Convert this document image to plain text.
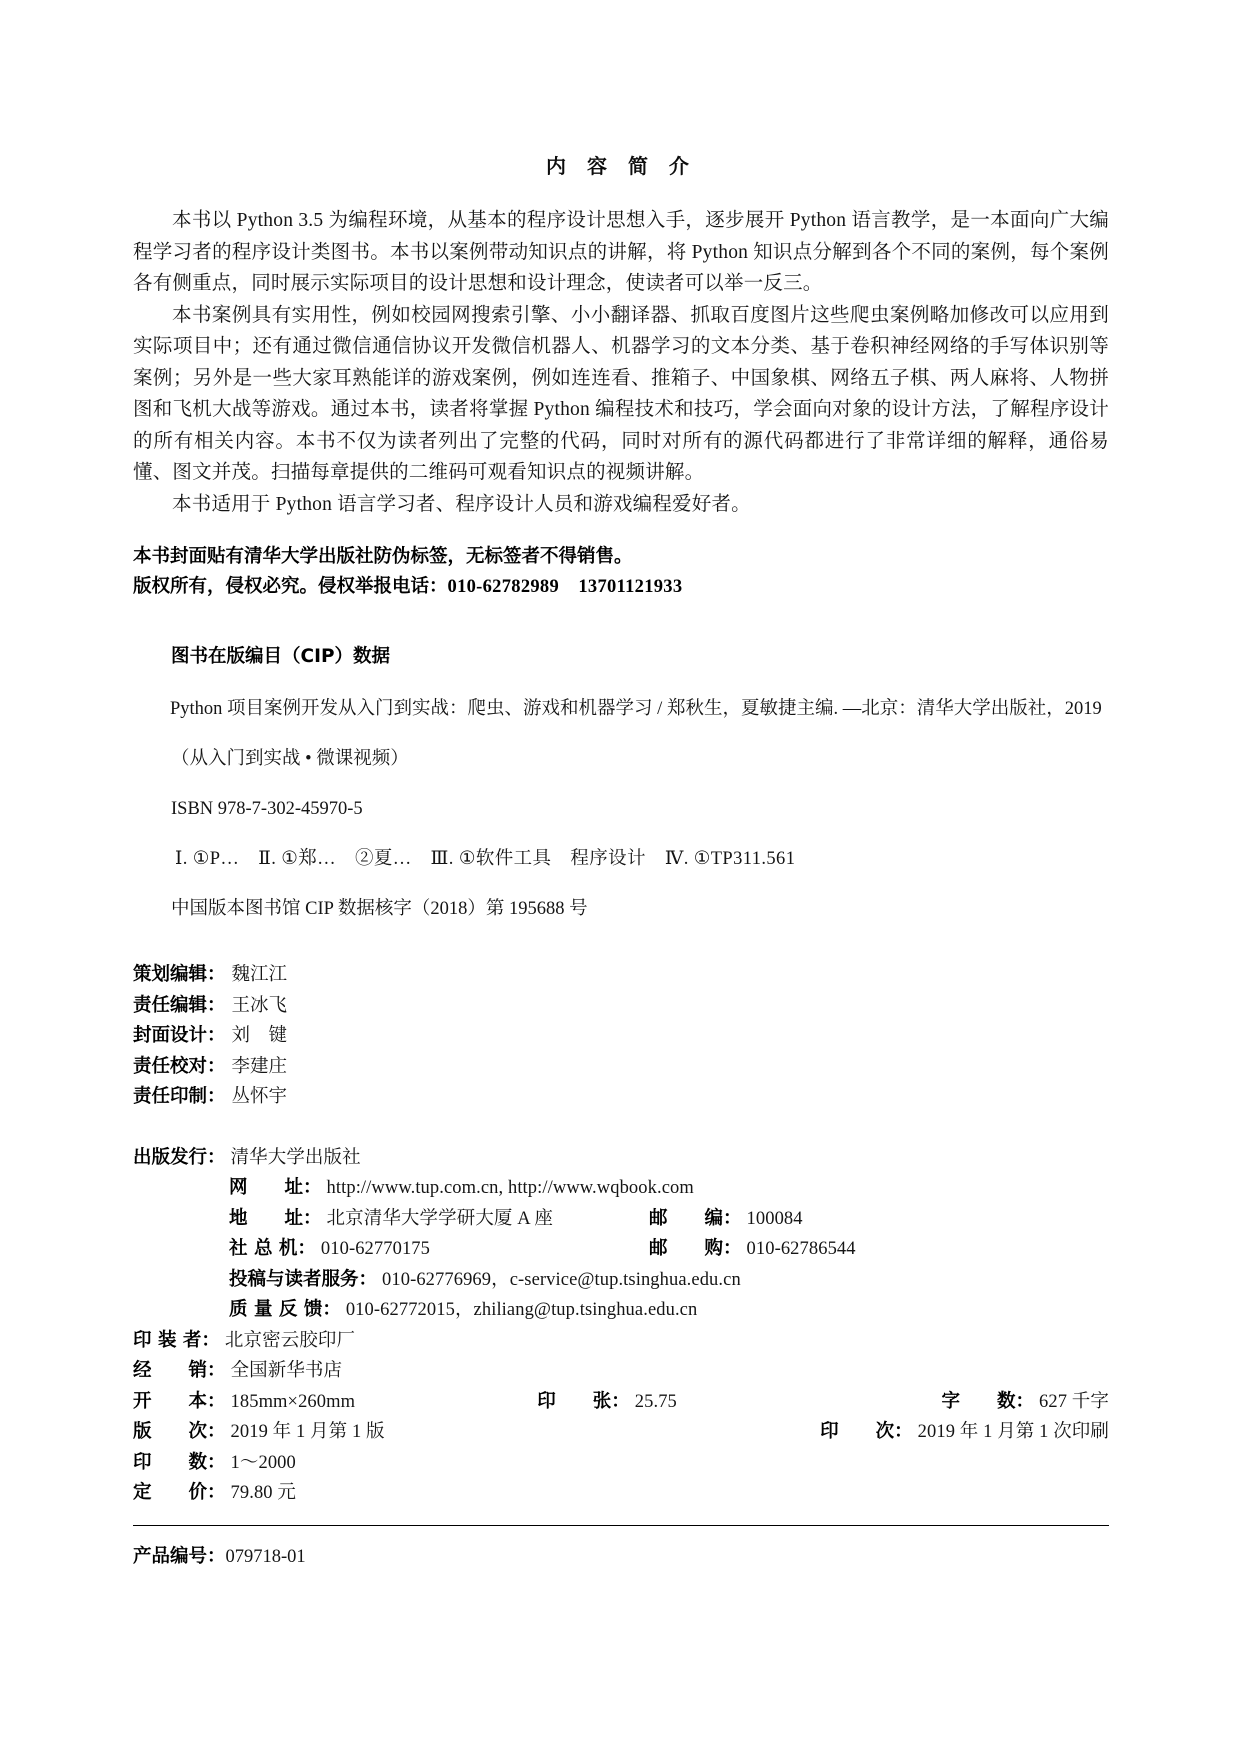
内 容 简 介

本书以 Python 3.5 为编程环境，从基本的程序设计思想入手，逐步展开 Python 语言教学，是一本面向广大编程学习者的程序设计类图书。本书以案例带动知识点的讲解，将 Python 知识点分解到各个不同的案例，每个案例各有侧重点，同时展示实际项目的设计思想和设计理念，使读者可以举一反三。

本书案例具有实用性，例如校园网搜索引擎、小小翻译器、抓取百度图片这些爬虫案例略加修改可以应用到实际项目中；还有通过微信通信协议开发微信机器人、机器学习的文本分类、基于卷积神经网络的手写体识别等案例；另外是一些大家耳熟能详的游戏案例，例如连连看、推箱子、中国象棋、网络五子棋、两人麻将、人物拼图和飞机大战等游戏。通过本书，读者将掌握 Python 编程技术和技巧，学会面向对象的设计方法，了解程序设计的所有相关内容。本书不仅为读者列出了完整的代码，同时对所有的源代码都进行了非常详细的解释，通俗易懂、图文并茂。扫描每章提供的二维码可观看知识点的视频讲解。

本书适用于 Python 语言学习者、程序设计人员和游戏编程爱好者。

本书封面贴有清华大学出版社防伪标签，无标签者不得销售。
版权所有，侵权必究。侵权举报电话：010-62782989 13701121933
图书在版编目（CIP）数据
Python 项目案例开发从入门到实战：爬虫、游戏和机器学习 / 郑秋生，夏敏捷主编. —北京：清华大学出版社，2019
（从入门到实战 • 微课视频）
ISBN 978-7-302-45970-5
Ⅰ. ①P…　Ⅱ. ①郑…　②夏…　Ⅲ. ①软件工具　程序设计　Ⅳ. ①TP311.561
中国版本图书馆 CIP 数据核字（2018）第 195688 号
策划编辑： 魏江江
责任编辑： 王冰飞
封面设计： 刘　键
责任校对： 李建庄
责任印制： 丛怀宇
出版发行： 清华大学出版社
网　　址： http://www.tup.com.cn, http://www.wqbook.com
地　　址： 北京清华大学学研大厦 A 座	邮　　编： 100084
社 总 机： 010-62770175	邮　　购： 010-62786544
投稿与读者服务： 010-62776969，c-service@tup.tsinghua.edu.cn
质 量 反 馈： 010-62772015，zhiliang@tup.tsinghua.edu.cn
印 装 者： 北京密云胶印厂
经　　销： 全国新华书店
开　　本： 185mm×260mm	印　　张： 25.75	字　　数： 627 千字
版　　次： 2019 年 1 月第 1 版	印　　次： 2019 年 1 月第 1 次印刷
印　　数： 1～2000
定　　价： 79.80 元
产品编号：079718-01
